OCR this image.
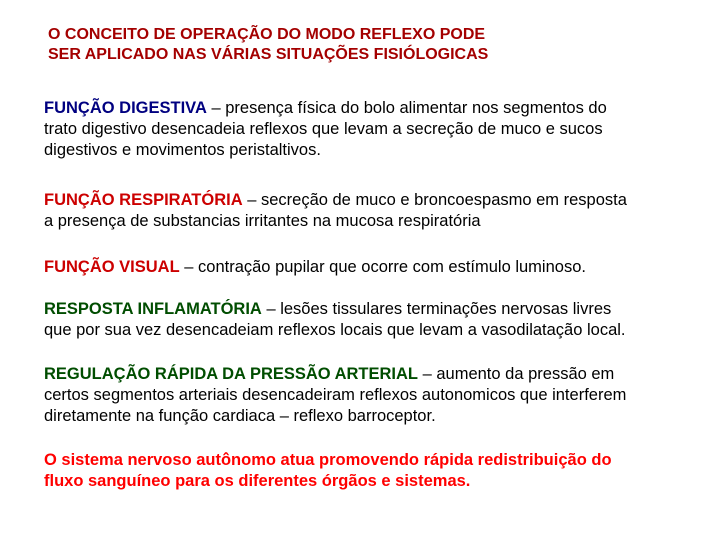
O CONCEITO DE OPERAÇÃO DO MODO REFLEXO PODE
SER APLICADO NAS VÁRIAS SITUAÇÕES FISIÓLOGICAS
FUNÇÃO DIGESTIVA – presença física do bolo alimentar nos segmentos do
trato digestivo desencadeia reflexos que levam a secreção de muco e sucos
digestivos e movimentos peristaltivos.
FUNÇÃO RESPIRATÓRIA – secreção de muco e broncoespasmo em resposta
a presença de substancias irritantes na mucosa respiratória
FUNÇÃO VISUAL – contração pupilar que ocorre com estímulo luminoso.
RESPOSTA INFLAMATÓRIA – lesões tissulares terminações nervosas livres
que por sua vez desencadeiam reflexos locais que levam a vasodilatação local.
REGULAÇÃO RÁPIDA DA PRESSÃO ARTERIAL – aumento da pressão em
certos segmentos arteriais desencadeiram reflexos autonomicos que interferem
diretamente na função cardiaca – reflexo barroceptor.
O sistema nervoso autônomo atua promovendo rápida redistribuição do
fluxo sanguíneo para os diferentes órgãos e sistemas.
